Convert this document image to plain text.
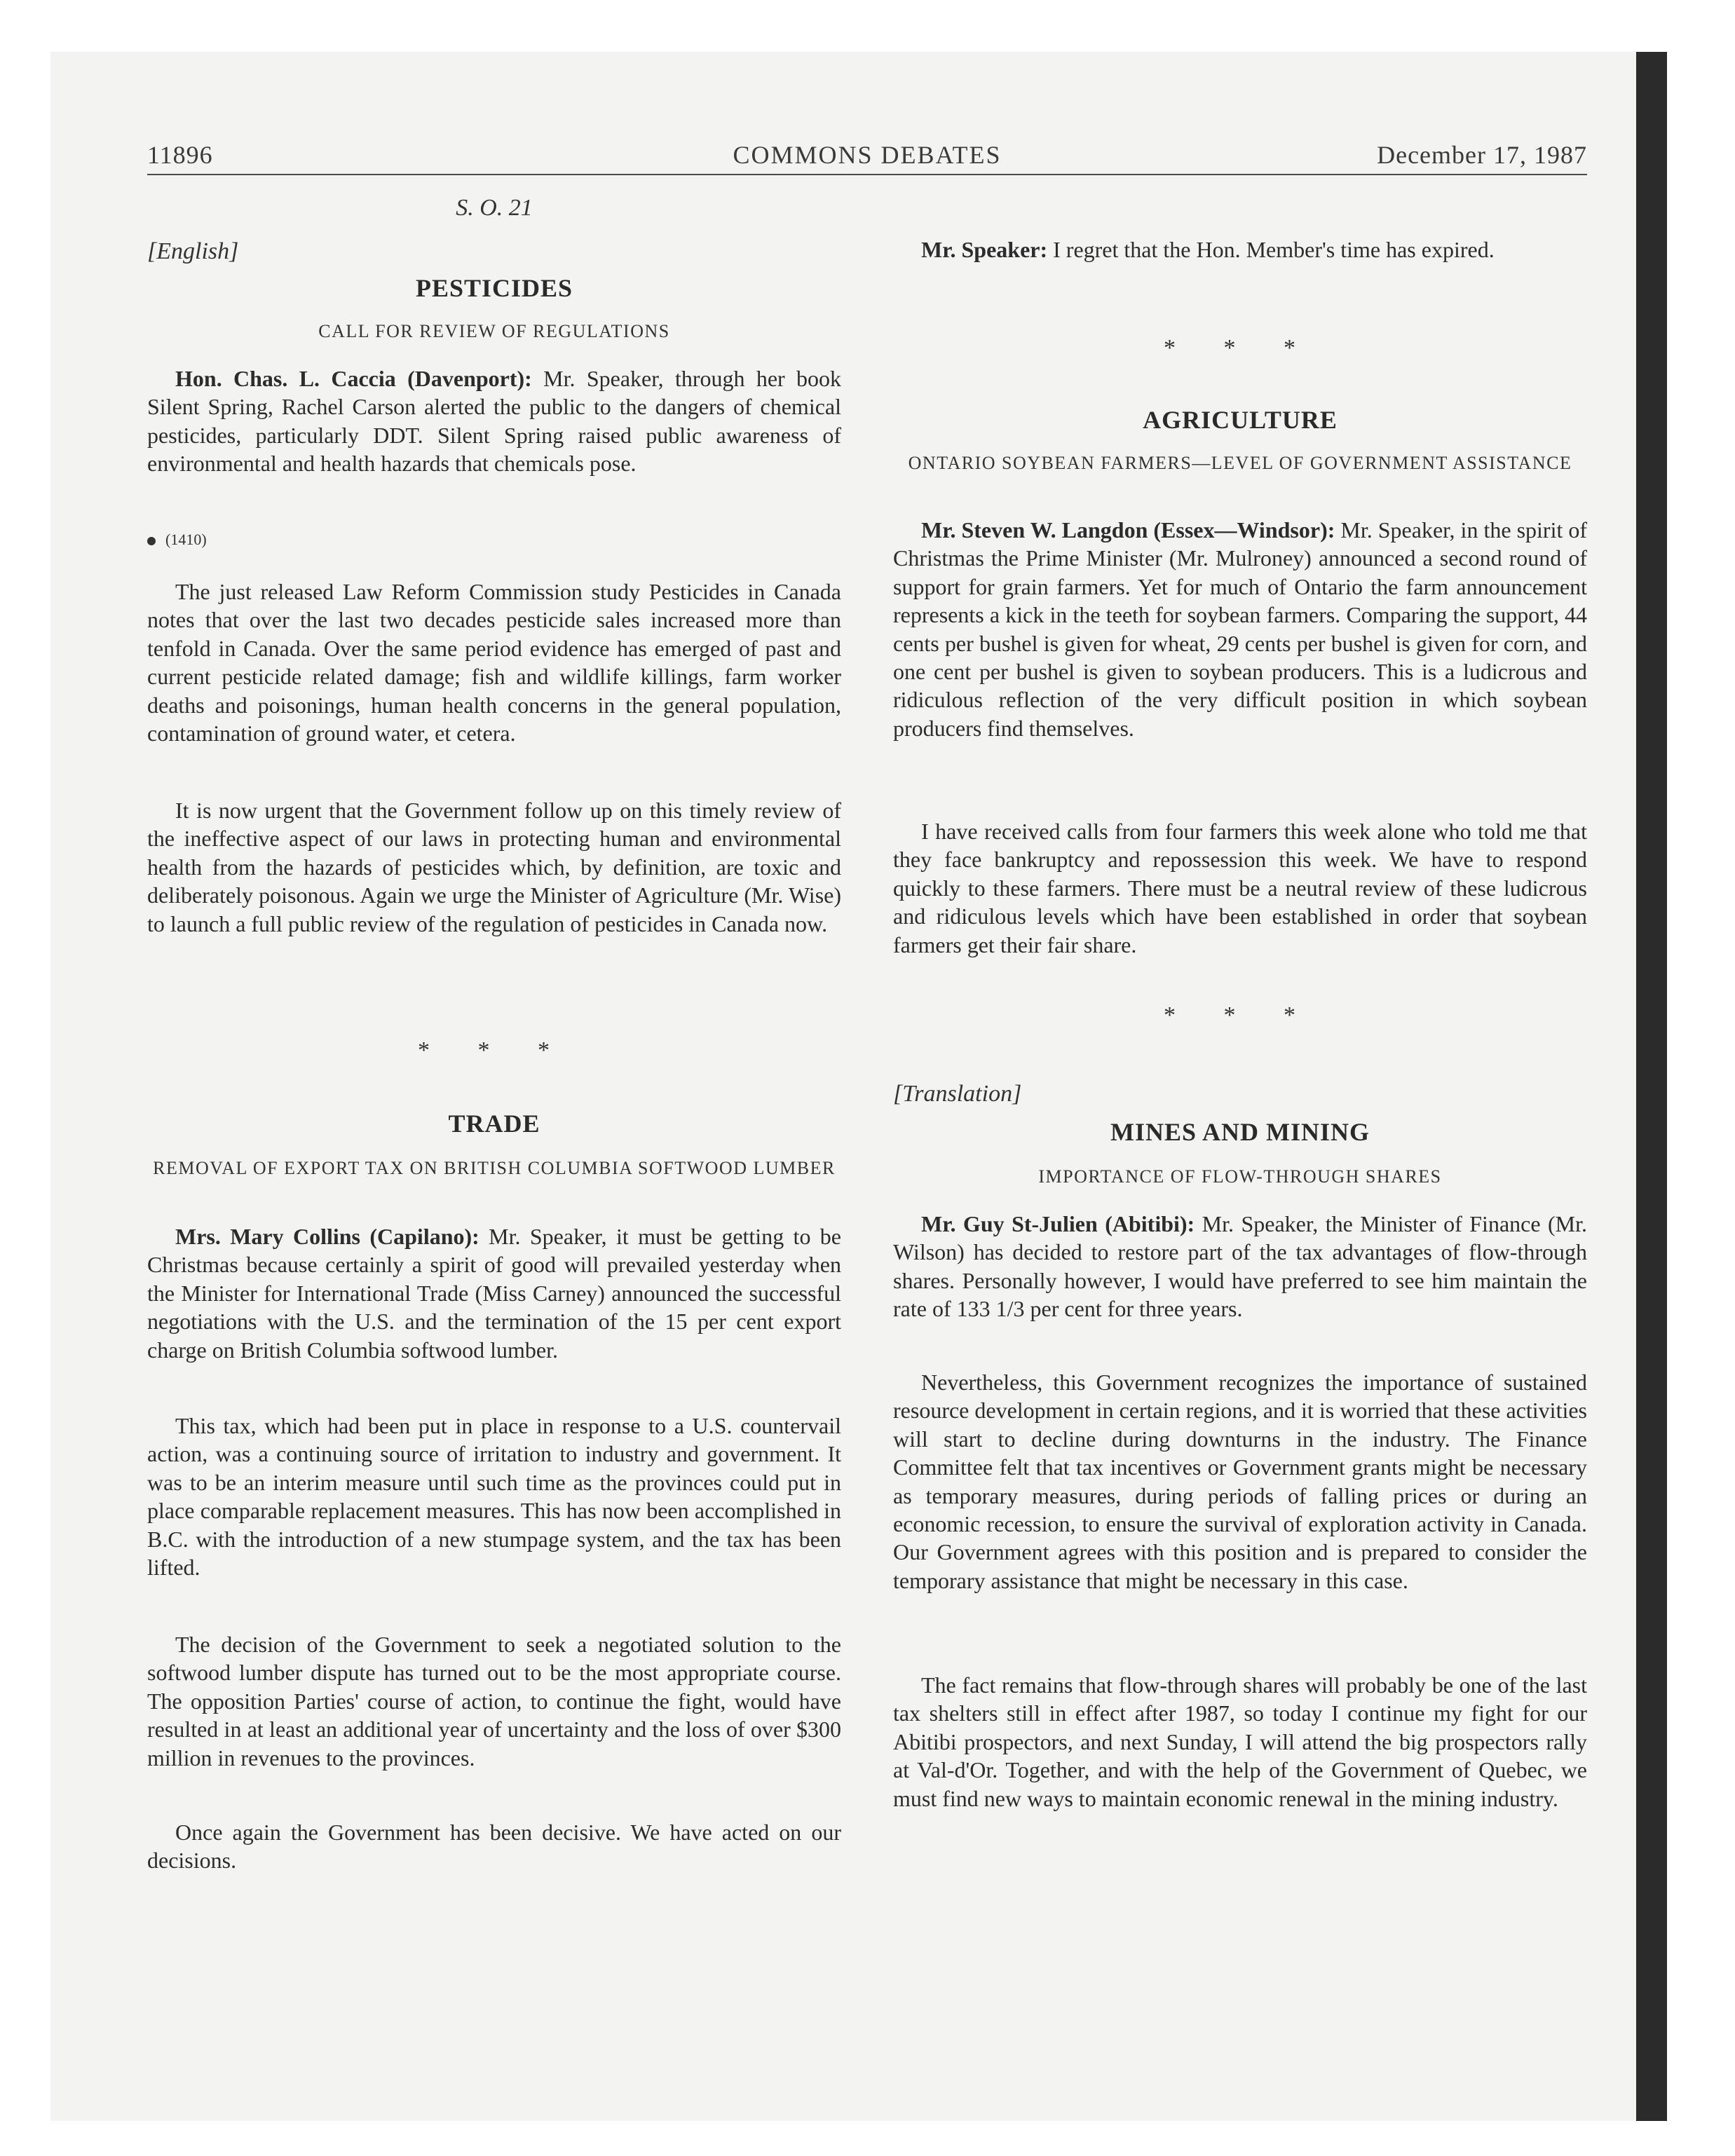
11896	COMMONS DEBATES	December 17, 1987
S. O. 21
[English]
PESTICIDES
CALL FOR REVIEW OF REGULATIONS

Hon. Chas. L. Caccia (Davenport): Mr. Speaker, through her book Silent Spring, Rachel Carson alerted the public to the dangers of chemical pesticides, particularly DDT. Silent Spring raised public awareness of environmental and health hazards that chemicals pose.

(1410)

The just released Law Reform Commission study Pesticides in Canada notes that over the last two decades pesticide sales increased more than tenfold in Canada. Over the same period evidence has emerged of past and current pesticide related damage; fish and wildlife killings, farm worker deaths and poisonings, human health concerns in the general population, contamination of ground water, et cetera.

It is now urgent that the Government follow up on this timely review of the ineffective aspect of our laws in protecting human and environmental health from the hazards of pesticides which, by definition, are toxic and deliberately poisonous. Again we urge the Minister of Agriculture (Mr. Wise) to launch a full public review of the regulation of pesticides in Canada now.

* * *
TRADE
REMOVAL OF EXPORT TAX ON BRITISH COLUMBIA SOFTWOOD LUMBER

Mrs. Mary Collins (Capilano): Mr. Speaker, it must be getting to be Christmas because certainly a spirit of good will prevailed yesterday when the Minister for International Trade (Miss Carney) announced the successful negotiations with the U.S. and the termination of the 15 per cent export charge on British Columbia softwood lumber.

This tax, which had been put in place in response to a U.S. countervail action, was a continuing source of irritation to industry and government. It was to be an interim measure until such time as the provinces could put in place comparable replacement measures. This has now been accomplished in B.C. with the introduction of a new stumpage system, and the tax has been lifted.

The decision of the Government to seek a negotiated solution to the softwood lumber dispute has turned out to be the most appropriate course. The opposition Parties' course of action, to continue the fight, would have resulted in at least an additional year of uncertainty and the loss of over $300 million in revenues to the provinces.

Once again the Government has been decisive. We have acted on our decisions.

Mr. Speaker: I regret that the Hon. Member's time has expired.

* * *
AGRICULTURE
ONTARIO SOYBEAN FARMERS—LEVEL OF GOVERNMENT ASSISTANCE

Mr. Steven W. Langdon (Essex—Windsor): Mr. Speaker, in the spirit of Christmas the Prime Minister (Mr. Mulroney) announced a second round of support for grain farmers. Yet for much of Ontario the farm announcement represents a kick in the teeth for soybean farmers. Comparing the support, 44 cents per bushel is given for wheat, 29 cents per bushel is given for corn, and one cent per bushel is given to soybean producers. This is a ludicrous and ridiculous reflection of the very difficult position in which soybean producers find themselves.

I have received calls from four farmers this week alone who told me that they face bankruptcy and repossession this week. We have to respond quickly to these farmers. There must be a neutral review of these ludicrous and ridiculous levels which have been established in order that soybean farmers get their fair share.

* * *
[Translation]
MINES AND MINING
IMPORTANCE OF FLOW-THROUGH SHARES

Mr. Guy St-Julien (Abitibi): Mr. Speaker, the Minister of Finance (Mr. Wilson) has decided to restore part of the tax advantages of flow-through shares. Personally however, I would have preferred to see him maintain the rate of 133 1/3 per cent for three years.

Nevertheless, this Government recognizes the importance of sustained resource development in certain regions, and it is worried that these activities will start to decline during downturns in the industry. The Finance Committee felt that tax incentives or Government grants might be necessary as temporary measures, during periods of falling prices or during an economic recession, to ensure the survival of exploration activity in Canada. Our Government agrees with this position and is prepared to consider the temporary assistance that might be necessary in this case.

The fact remains that flow-through shares will probably be one of the last tax shelters still in effect after 1987, so today I continue my fight for our Abitibi prospectors, and next Sunday, I will attend the big prospectors rally at Val-d'Or. Together, and with the help of the Government of Quebec, we must find new ways to maintain economic renewal in the mining industry.
